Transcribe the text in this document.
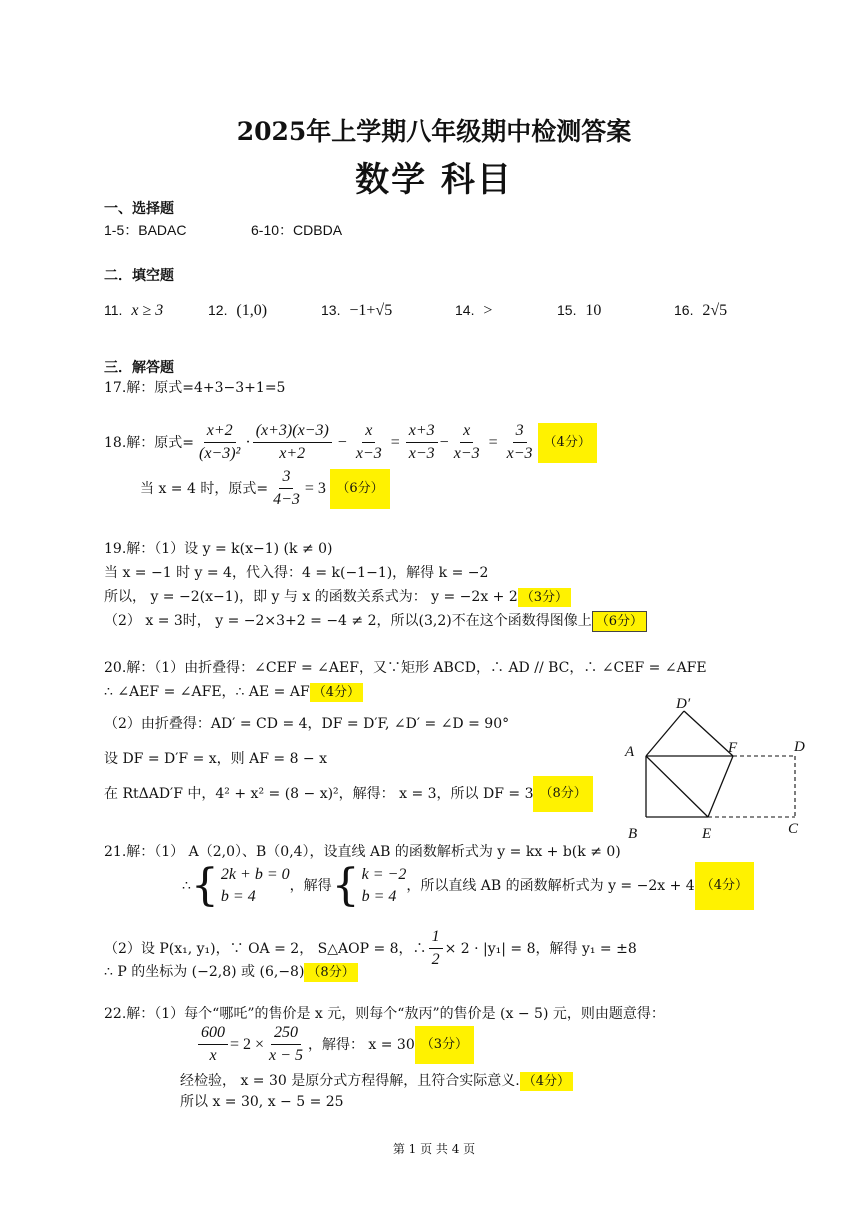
2025年上学期八年级期中检测答案
数学 科目
一、选择题
1-5：BADAC	6-10：CDBDA
二．填空题
11. x ≥ 3	12. (1,0)	13. −1+√5	14. >	15. 10	16. 2√5
三．解答题
17.解：原式=4+3−3+1=5
18.解：原式= $\frac{x+2}{\text{(x−3)²}} \cdot \frac{(x+3)(x-3)}{x+2} - \frac{x}{x-3} = \frac{x+3}{x-3} - \frac{x}{x-3} = \frac{3}{x-3} (4$分）
当 x = 4 时，原式= $\frac{3}{4-3} = 3$
（6分）
19.解：（1）设 y = k(x−1) (k ≠ 0)
当 x = −1 时 y = 4，代入得：4 = k(−1−1)，解得 k = −2
所以， y = −2(x−1)，即 y 与 x 的函数关系式为： y = −2x + 2 （3分）
（2） x = 3时， y = −2×3+2 = −4 ≠ 2，所以(3,2)不在这个函数得图像上 （6分）
20.解：（1）由折叠得：∠CEF = ∠AEF，又∵矩形 ABCD，∴ AD // BC，∴ ∠CEF = ∠AFE
∴ ∠AEF = ∠AFE，∴ AE = AF （4分）
（2）由折叠得：AD′ = CD = 4，DF = D′F, ∠D′ = ∠D = 90°
设 DF = D′F = x，则 AF = 8 − x
在 RtΔAD′F 中，4² + x² = (8 − x)²，解得： x = 3，所以 DF = 3 （8分）
D′
A	F	D
B	E	C
21.解：（1） A（2,0）、B（0,4），设直线 AB 的函数解析式为 y = kx + b(k ≠ 0)
∴ { 2k + b = 0
b = 4
，解得 { k = −2
b = 4
，所以直线 AB 的函数解析式为 y = −2x + 4 （4分）
（2）设 P(x₁, y₁)，∵ OA = 2， S△AOP = 8，∴ $\frac{1}{2} \times 2 \cdot |y_1| = 8$，解得 y₁ = ±8
∴ P 的坐标为 (−2,8) 或 (6,−8) （8分）
22.解：（1）每个“哪吒”的售价是 x 元，则每个“敖丙”的售价是 (x − 5) 元，则由题意得：
$\frac{600}{x} = 2 \times \frac{250}{x - 5}$ ，解得： x = 30 （3分）
经检验， x = 30 是原分式方程得解，且符合实际意义. （4分）
所以 x = 30, x − 5 = 25
第 1 页 共 4 页
